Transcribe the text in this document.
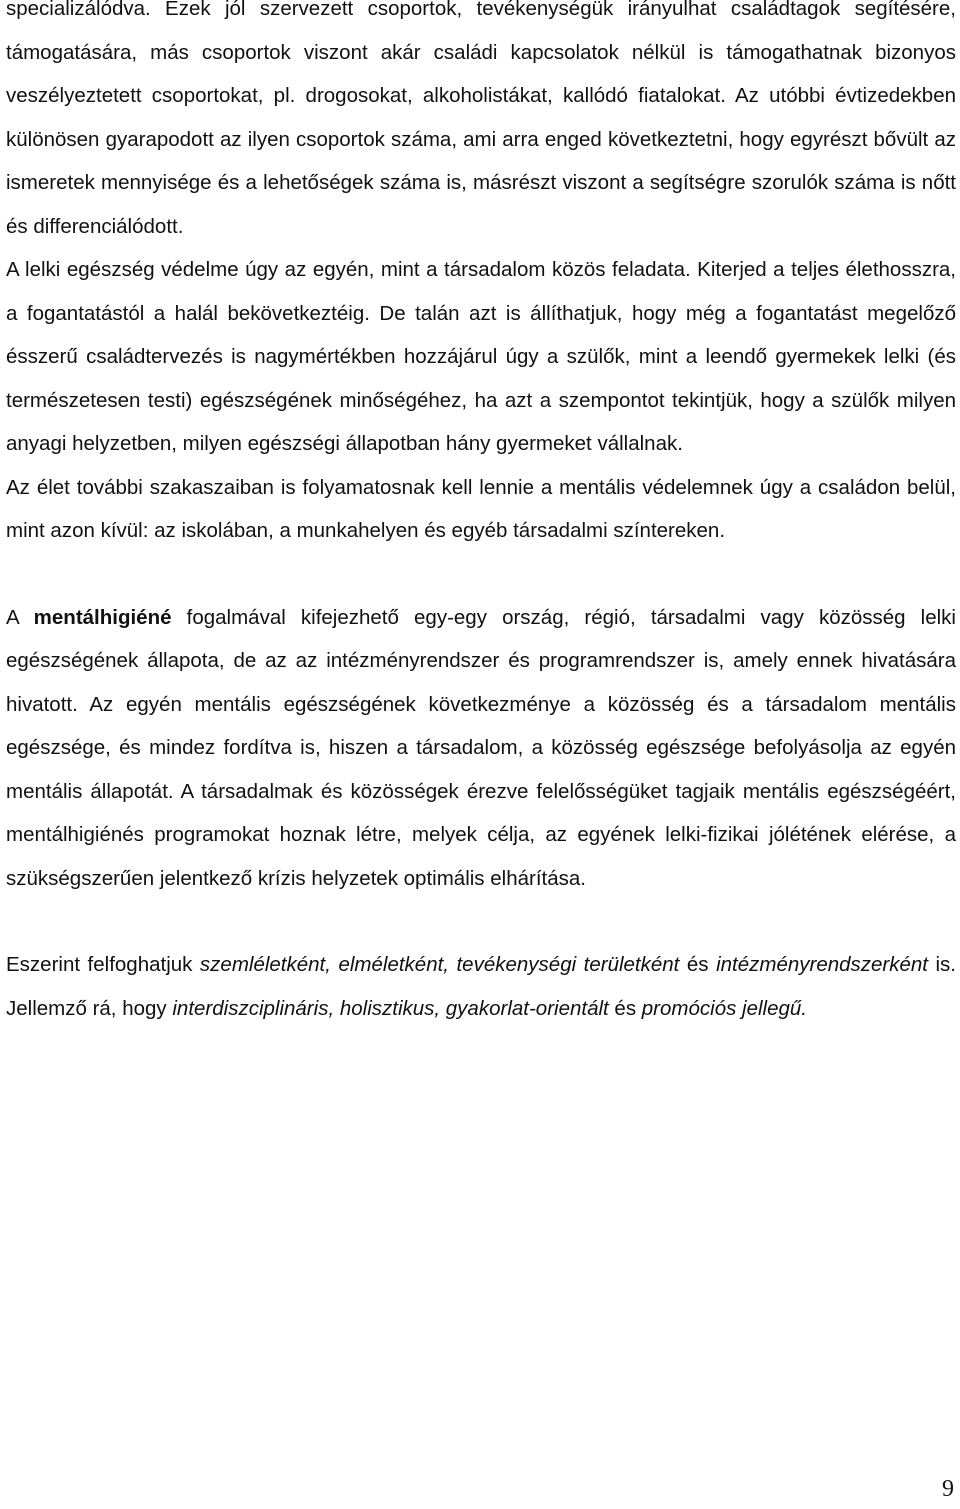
specializálódva. Ezek jól szervezett csoportok, tevékenységük irányulhat családtagok segítésére, támogatására, más csoportok viszont akár családi kapcsolatok nélkül is támogathatnak bizonyos veszélyeztetett csoportokat, pl. drogosokat, alkoholistákat, kallódó fiatalokat. Az utóbbi évtizedekben különösen gyarapodott az ilyen csoportok száma, ami arra enged következtetni, hogy egyrészt bővült az ismeretek mennyisége és a lehetőségek száma is, másrészt viszont a segítségre szorulók száma is nőtt és differenciálódott.

A lelki egészség védelme úgy az egyén, mint a társadalom közös feladata. Kiterjed a teljes élethosszra, a fogantatástól a halál bekövetkeztéig. De talán azt is állíthatjuk, hogy még a fogantatást megelőző ésszerű családtervezés is nagymértékben hozzájárul úgy a szülők, mint a leendő gyermekek lelki (és természetesen testi) egészségének minőségéhez, ha azt a szempontot tekintjük, hogy a szülők milyen anyagi helyzetben, milyen egészségi állapotban hány gyermeket vállalnak.

Az élet további szakaszaiban is folyamatosnak kell lennie a mentális védelemnek úgy a családon belül, mint azon kívül: az iskolában, a munkahelyen és egyéb társadalmi színtereken.

A mentálhigiéné fogalmával kifejezhető egy-egy ország, régió, társadalmi vagy közösség lelki egészségének állapota, de az az intézményrendszer és programrendszer is, amely ennek hivatására hivatott. Az egyén mentális egészségének következménye a közösség és a társadalom mentális egészsége, és mindez fordítva is, hiszen a társadalom, a közösség egészsége befolyásolja az egyén mentális állapotát. A társadalmak és közösségek érezve felelősségüket tagjaik mentális egészségéért, mentálhigiénés programokat hoznak létre, melyek célja, az egyének lelki-fizikai jólétének elérése, a szükségszerűen jelentkező krízis helyzetek optimális elhárítása.

Eszerint felfoghatjuk szemléletként, elméletként, tevékenységi területként és intézményrendszerként is. Jellemző rá, hogy interdiszciplináris, holisztikus, gyakorlat-orientált és promóciós jellegű.

9
